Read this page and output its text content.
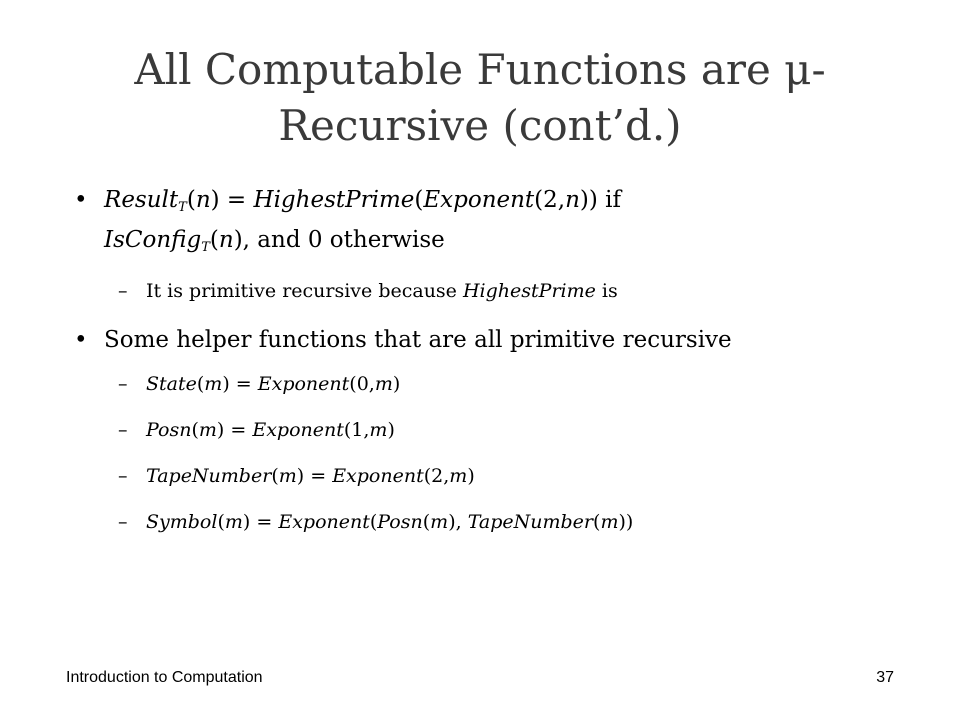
All Computable Functions are μ-
Recursive (cont’d.)

• Result$_T$(n) = HighestPrime(Exponent(2,n)) if
IsConfig$_T$(n), and 0 otherwise

– It is primitive recursive because HighestPrime is

• Some helper functions that are all primitive recursive

– State(m) = Exponent(0,m)

– Posn(m) = Exponent(1,m)

– TapeNumber(m) = Exponent(2,m)

– Symbol(m) = Exponent(Posn(m), TapeNumber(m))

Introduction to Computation	37
